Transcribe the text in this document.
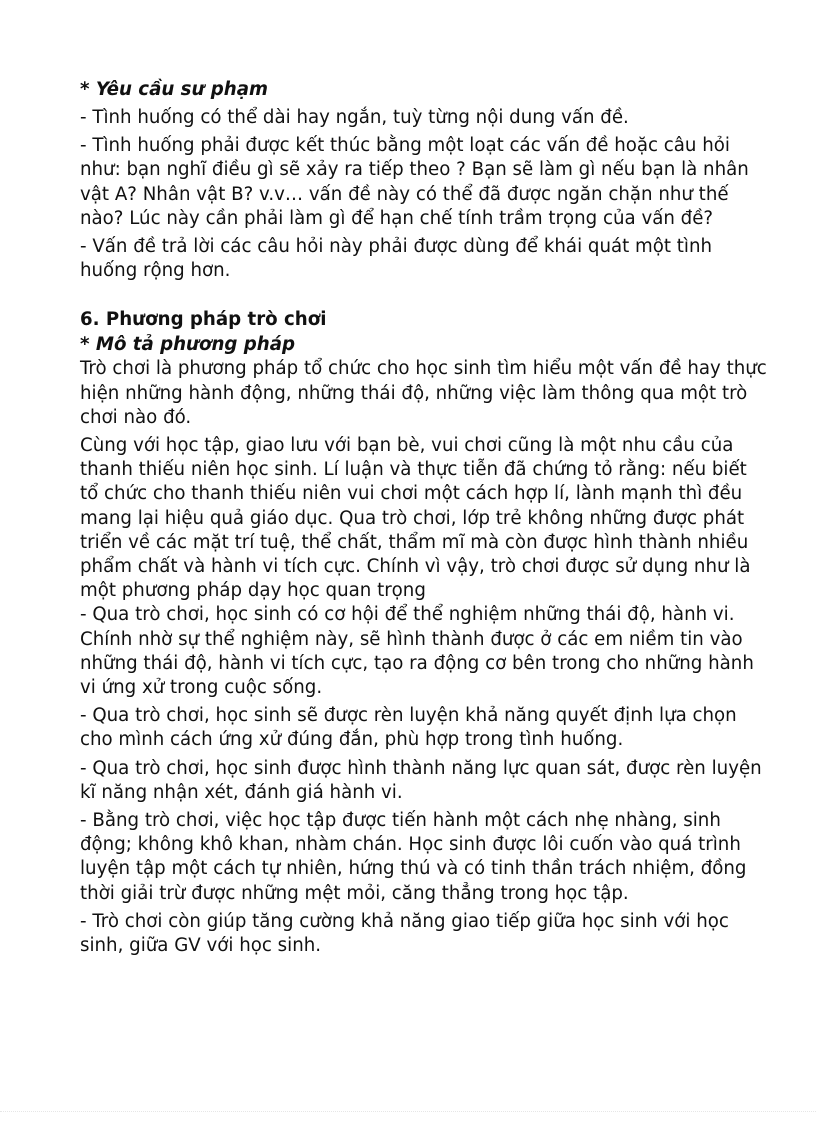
* Yêu cầu sư phạm

- Tình huống có thể dài hay ngắn, tuỳ từng nội dung vấn đề.

- Tình huống phải được kết thúc bằng một loạt các vấn đề hoặc câu hỏi như: bạn nghĩ điều gì sẽ xảy ra tiếp theo ? Bạn sẽ làm gì nếu bạn là nhân vật A? Nhân vật B? v.v… vấn đề này có thể đã được ngăn chặn như thế nào? Lúc này cần phải làm gì để hạn chế tính trầm trọng của vấn đề?

- Vấn đề trả lời các câu hỏi này phải được dùng để khái quát một tình huống rộng hơn.

6. Phương pháp trò chơi
* Mô tả phương pháp

Trò chơi là phương pháp tổ chức cho học sinh tìm hiểu một vấn đề hay thực hiện những hành động, những thái độ, những việc làm thông qua một trò chơi nào đó.

Cùng với học tập, giao lưu với bạn bè, vui chơi cũng là một nhu cầu của thanh thiếu niên học sinh. Lí luận và thực tiễn đã chứng tỏ rằng: nếu biết tổ chức cho thanh thiếu niên vui chơi một cách hợp lí, lành mạnh thì đều mang lại hiệu quả giáo dục. Qua trò chơi, lớp trẻ không những được phát triển về các mặt trí tuệ, thể chất, thẩm mĩ mà còn được hình thành nhiều phẩm chất và hành vi tích cực. Chính vì vậy, trò chơi được sử dụng như là một phương pháp dạy học quan trọng

- Qua trò chơi, học sinh có cơ hội để thể nghiệm những thái độ, hành vi. Chính nhờ sự thể nghiệm này, sẽ hình thành được ở các em niềm tin vào những thái độ, hành vi tích cực, tạo ra động cơ bên trong cho những hành vi ứng xử trong cuộc sống.

- Qua trò chơi, học sinh sẽ được rèn luyện khả năng quyết định lựa chọn cho mình cách ứng xử đúng đắn, phù hợp trong tình huống.

- Qua trò chơi, học sinh được hình thành năng lực quan sát, được rèn luyện kĩ năng nhận xét, đánh giá hành vi.

- Bằng trò chơi, việc học tập được tiến hành một cách nhẹ nhàng, sinh động; không khô khan, nhàm chán. Học sinh được lôi cuốn vào quá trình luyện tập một cách tự nhiên, hứng thú và có tinh thần trách nhiệm, đồng thời giải trừ được những mệt mỏi, căng thẳng trong học tập.

- Trò chơi còn giúp tăng cường khả năng giao tiếp giữa học sinh với học sinh, giữa GV với học sinh.
